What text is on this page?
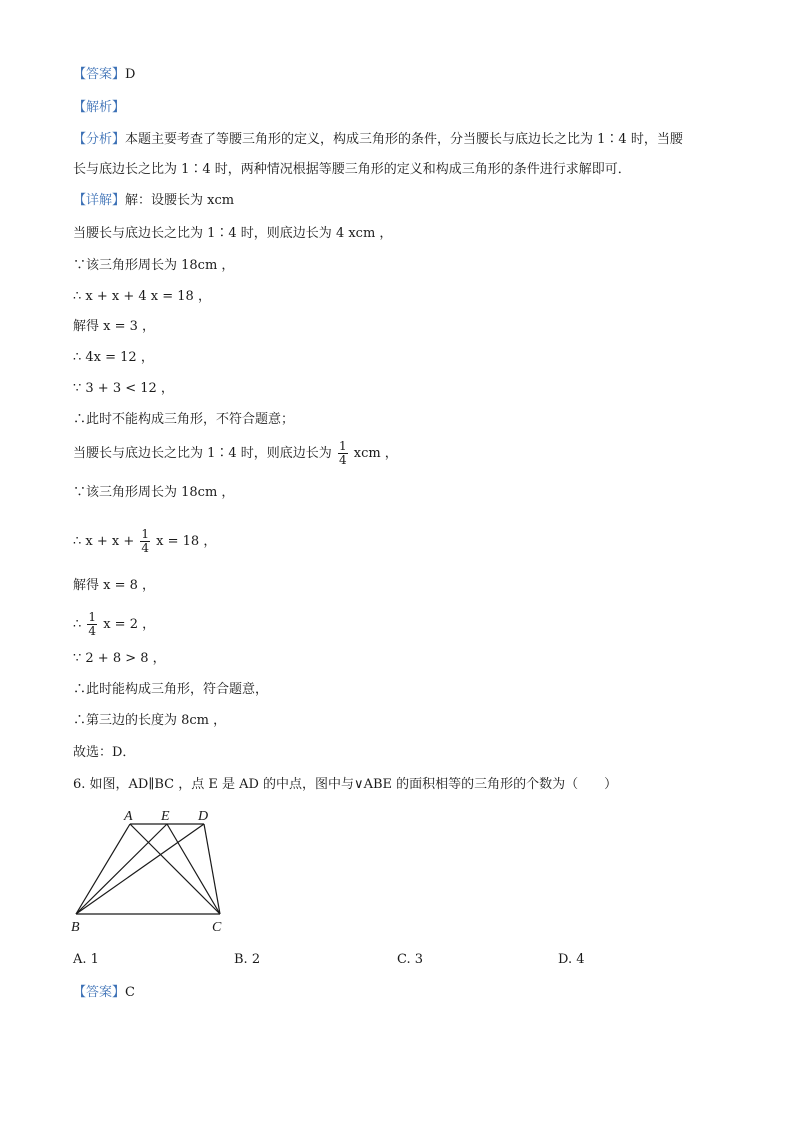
【答案】D
【解析】
【分析】本题主要考查了等腰三角形的定义，构成三角形的条件，分当腰长与底边长之比为 1∶4 时，当腰
长与底边长之比为 1∶4 时，两种情况根据等腰三角形的定义和构成三角形的条件进行求解即可．
【详解】解：设腰长为 xcm
当腰长与底边长之比为 1∶4 时，则底边长为 4 xcm ，
∵该三角形周长为 18cm ，
∴ x + x + 4 x = 18 ，
解得 x = 3 ，
∴ 4x = 12 ，
∵ 3 + 3 < 12 ，
∴此时不能构成三角形，不符合题意；
当腰长与底边长之比为 1∶4 时，则底边长为 $\frac{1}{4}$ xcm ，
∵该三角形周长为 18cm ，
∴ $x + x + \frac{1}{4}$ x = 18 ，
解得 x = 8 ，
∴ $\frac{1}{4}$ x = 2 ，
∵ 2 + 8 > 8 ，
∴此时能构成三角形，符合题意，
∴第三边的长度为 8cm ，
故选：D．
6. 如图，AD∥BC ，点 E 是 AD 的中点，图中与∨ABE 的面积相等的三角形的个数为（　　）
A E D
B	C
A. 1	B. 2	C. 3	D. 4
【答案】C
